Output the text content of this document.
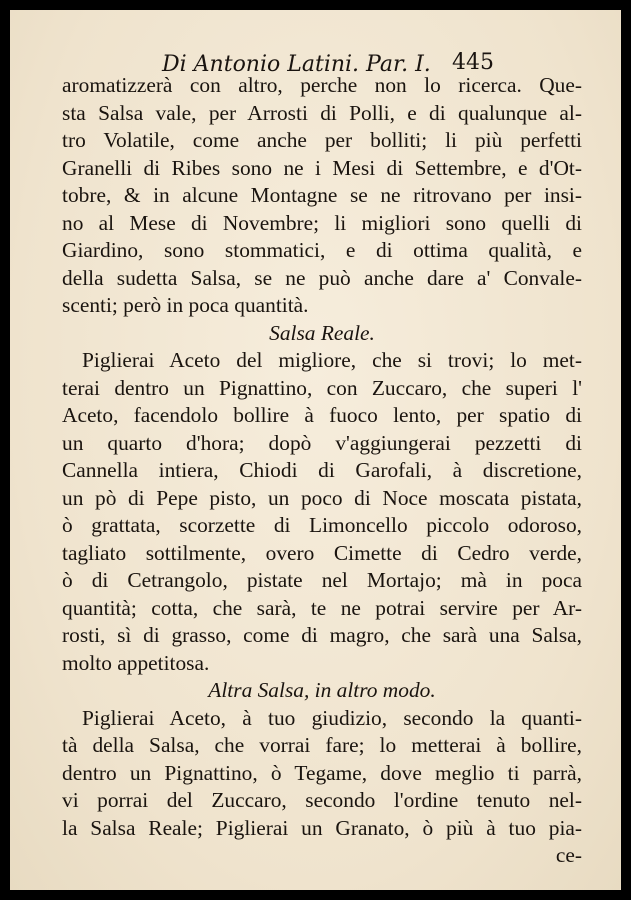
Di Antonio Latini. Par. I. 445
aromatizzerà con altro, perche non lo ricerca. Que-
sta Salsa vale, per Arrosti di Polli, e di qualunque al-
tro Volatile, come anche per bolliti; li più perfetti
Granelli di Ribes sono ne i Mesi di Settembre, e d'Ot-
tobre, & in alcune Montagne se ne ritrovano per insi-
no al Mese di Novembre; li migliori sono quelli di
Giardino, sono stommatici, e di ottima qualità, e
della sudetta Salsa, se ne può anche dare a' Convale-
scenti; però in poca quantità.
Salsa Reale.
Piglierai Aceto del migliore, che si trovi; lo met-
terai dentro un Pignattino, con Zuccaro, che superi l'
Aceto, facendolo bollire à fuoco lento, per spatio di
un quarto d'hora; dopò v'aggiungerai pezzetti di
Cannella intiera, Chiodi di Garofali, à discretione,
un pò di Pepe pisto, un poco di Noce moscata pistata,
ò grattata, scorzette di Limoncello piccolo odoroso,
tagliato sottilmente, overo Cimette di Cedro verde,
ò di Cetrangolo, pistate nel Mortajo; mà in poca
quantità; cotta, che sarà, te ne potrai servire per Ar-
rosti, sì di grasso, come di magro, che sarà una Salsa,
molto appetitosa.
Altra Salsa, in altro modo.
Piglierai Aceto, à tuo giudizio, secondo la quanti-
tà della Salsa, che vorrai fare; lo metterai à bollire,
dentro un Pignattino, ò Tegame, dove meglio ti parrà,
vi porrai del Zuccaro, secondo l'ordine tenuto nel-
la Salsa Reale; Piglierai un Granato, ò più à tuo pia-
ce-
